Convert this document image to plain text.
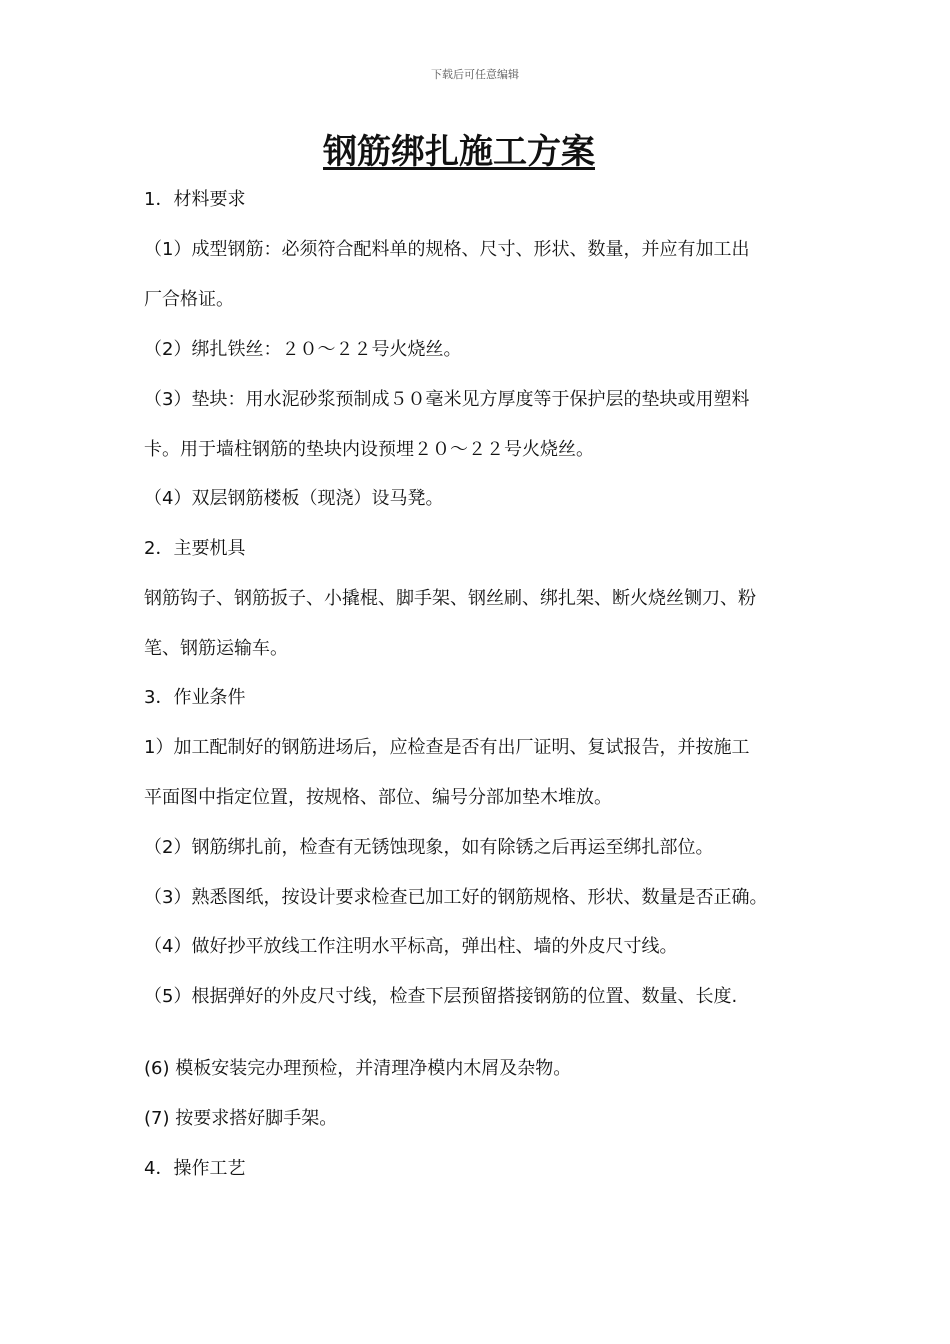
下载后可任意编辑
钢筋绑扎施工方案
1．材料要求
（1）成型钢筋：必须符合配料单的规格、尺寸、形状、数量，并应有加工出
厂合格证。
（2）绑扎铁丝：２０～２２号火烧丝。
（3）垫块：用水泥砂浆预制成５０毫米见方厚度等于保护层的垫块或用塑料
卡。用于墙柱钢筋的垫块内设预埋２０～２２号火烧丝。
（4）双层钢筋楼板（现浇）设马凳。
2．主要机具
钢筋钩子、钢筋扳子、小撬棍、脚手架、钢丝刷、绑扎架、断火烧丝铡刀、粉
笔、钢筋运输车。
3．作业条件
1）加工配制好的钢筋进场后，应检查是否有出厂证明、复试报告，并按施工
平面图中指定位置，按规格、部位、编号分部加垫木堆放。
（2）钢筋绑扎前，检查有无锈蚀现象，如有除锈之后再运至绑扎部位。
（3）熟悉图纸，按设计要求检查已加工好的钢筋规格、形状、数量是否正确。
（4）做好抄平放线工作注明水平标高，弹出柱、墙的外皮尺寸线。
（5）根据弹好的外皮尺寸线，检查下层预留搭接钢筋的位置、数量、长度.
(6) 模板安装完办理预检，并清理净模内木屑及杂物。
(7) 按要求搭好脚手架。
4．操作工艺
